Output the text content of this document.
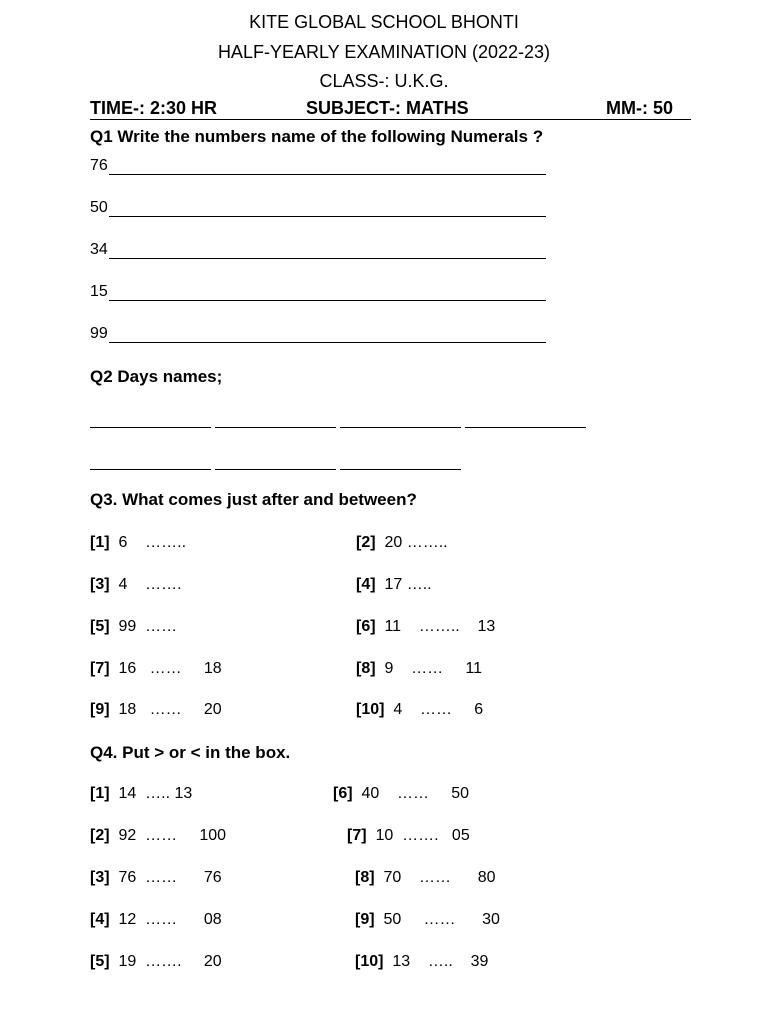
KITE GLOBAL SCHOOL BHONTI
HALF-YEARLY EXAMINATION (2022-23)
CLASS-: U.K.G.
TIME-: 2:30 HR	SUBJECT-: MATHS	MM-: 50
Q1 Write the numbers name of the following Numerals ?
76
50
34
15
99
Q2 Days names;
Q3. What comes just after and between?
[1] 6    ……..
[3] 4    …….
[5] 99  ……
[7] 16   ……     18
[9] 18   ……     20
[2] 20 ……..
[4] 17 …..
[6] 11    ……..    13
[8] 9    ……     11
[10] 4    ……     6
Q4. Put > or < in the box.
[1] 14  ….. 13
[2] 92  ……     100
[3] 76  ……      76
[4] 12  ……      08
[5] 19  …….     20
[6] 40    ……     50
[7] 10  …….   05
[8] 70    ……      80
[9] 50     ……      30
[10] 13    …..    39
